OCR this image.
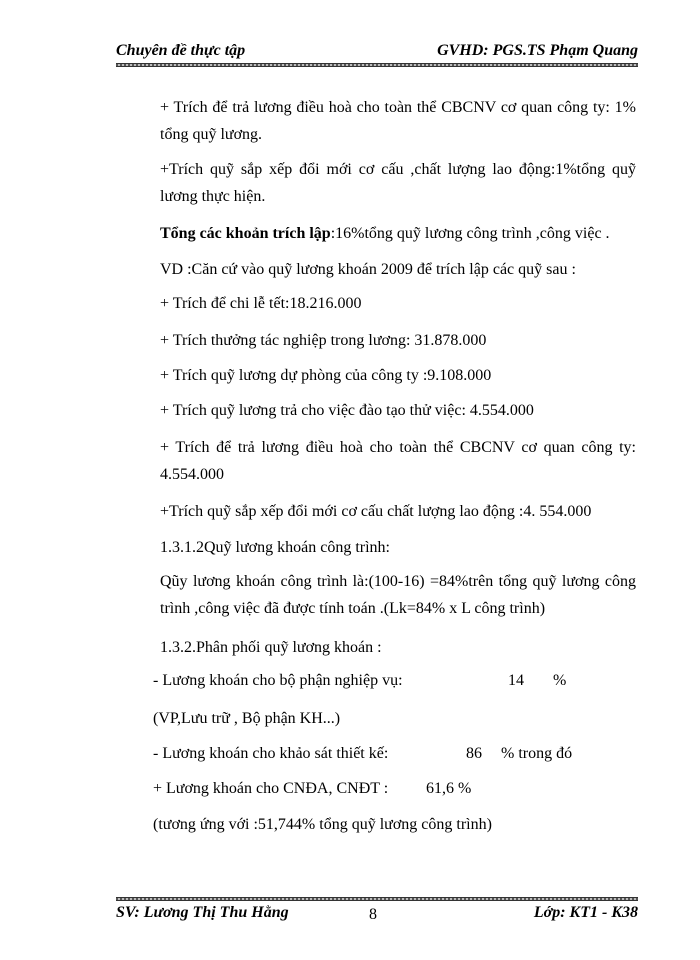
Chuyên đề thực tập	GVHD: PGS.TS Phạm Quang
+ Trích để trả lương điều hoà cho toàn thể CBCNV cơ quan công ty: 1% tổng quỹ lương.
+Trích quỹ sắp xếp đổi mới cơ cấu ,chất lượng lao động:1%tổng quỹ lương thực hiện.
Tổng các khoản trích lập:16%tổng quỹ lương công trình ,công việc .
VD :Căn cứ vào quỹ lương khoán 2009 để trích lập các quỹ sau :
+ Trích để chi lễ tết:18.216.000
+ Trích thưởng tác nghiệp trong lương: 31.878.000
+ Trích quỹ lương dự phòng của công ty :9.108.000
+ Trích quỹ lương trả cho việc đào tạo thử việc: 4.554.000
+ Trích để trả lương điều hoà cho toàn thể CBCNV cơ quan công ty: 4.554.000
+Trích quỹ sắp xếp đổi mới cơ cấu chất lượng lao động :4. 554.000
1.3.1.2Quỹ lương khoán công trình:
Qũy lương khoán công trình là:(100-16) =84%trên tổng quỹ lương công trình ,công việc đã được tính toán .(Lk=84% x L công trình)
1.3.2.Phân phối quỹ lương khoán :
- Lương khoán cho bộ phận nghiệp vụ:	14 %
(VP,Lưu trữ , Bộ phận KH...)
- Lương khoán cho khảo sát thiết kế:	86 % trong đó
+ Lương khoán cho CNĐA, CNĐT : 61,6 %
(tương ứng với :51,744% tổng quỹ lương công trình)
SV: Lương Thị Thu Hằng	8	Lớp: KT1 - K38
